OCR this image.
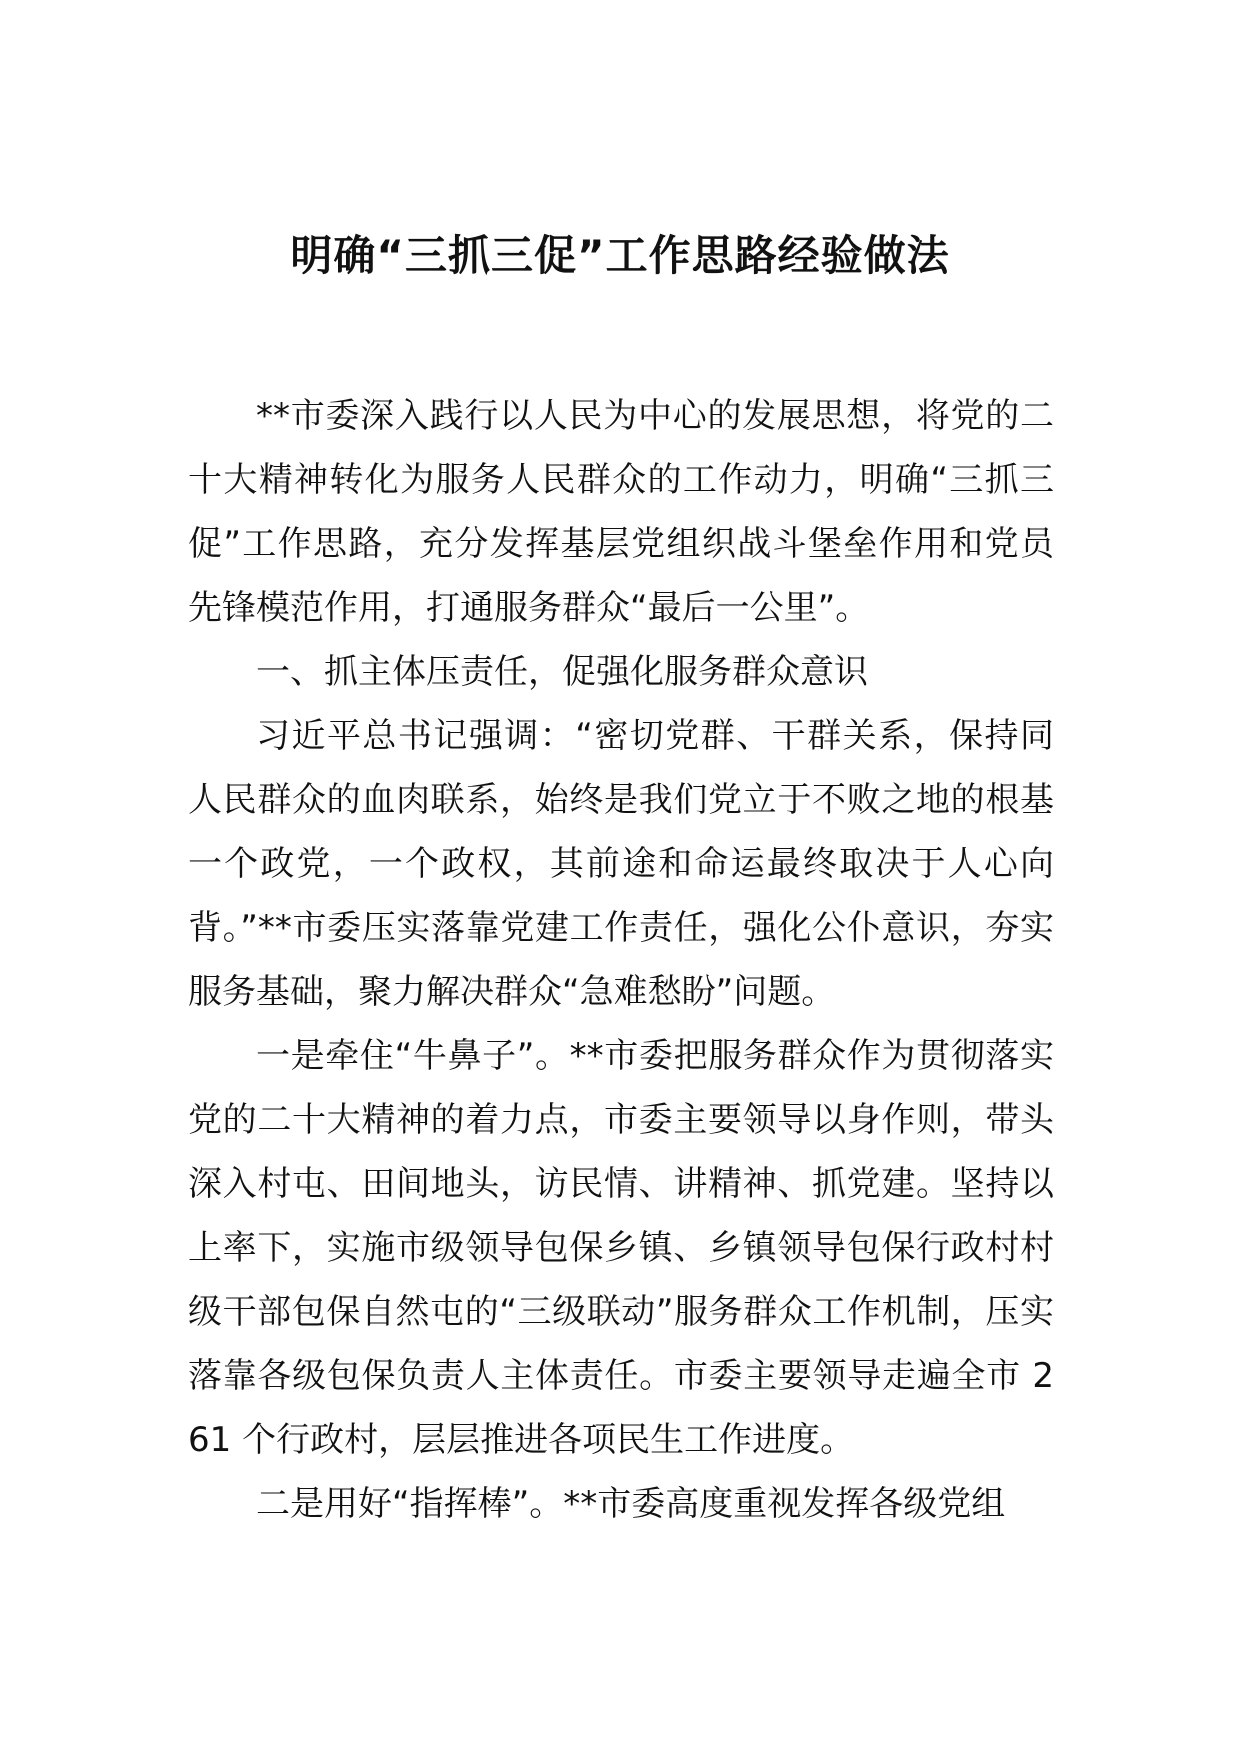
明确“三抓三促”工作思路经验做法

**市委深入践行以人民为中心的发展思想，将党的二十大精神转化为服务人民群众的工作动力，明确“三抓三促”工作思路，充分发挥基层党组织战斗堡垒作用和党员先锋模范作用，打通服务群众“最后一公里”。

一、抓主体压责任，促强化服务群众意识

习近平总书记强调：“密切党群、干群关系，保持同人民群众的血肉联系，始终是我们党立于不败之地的根基一个政党，一个政权，其前途和命运最终取决于人心向背。”**市委压实落靠党建工作责任，强化公仆意识，夯实服务基础，聚力解决群众“急难愁盼”问题。

一是牵住“牛鼻子”。**市委把服务群众作为贯彻落实党的二十大精神的着力点，市委主要领导以身作则，带头深入村屯、田间地头，访民情、讲精神、抓党建。坚持以上率下，实施市级领导包保乡镇、乡镇领导包保行政村村级干部包保自然屯的“三级联动”服务群众工作机制，压实落靠各级包保负责人主体责任。市委主要领导走遍全市 261 个行政村，层层推进各项民生工作进度。

二是用好“指挥棒”。**市委高度重视发挥各级党组
